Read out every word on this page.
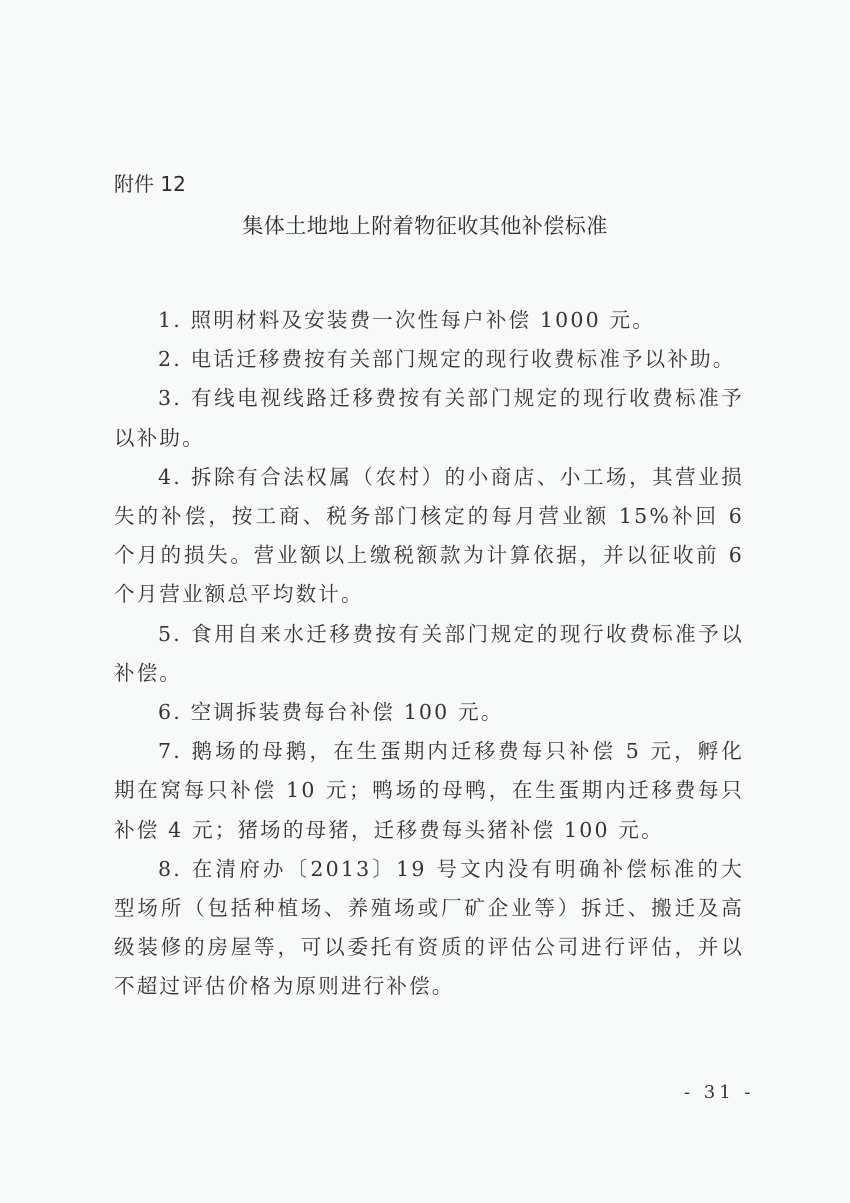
附件 12
集体土地地上附着物征收其他补偿标准

1. 照明材料及安装费一次性每户补偿 1000 元。

2. 电话迁移费按有关部门规定的现行收费标准予以补助。

3. 有线电视线路迁移费按有关部门规定的现行收费标准予以补助。

4. 拆除有合法权属（农村）的小商店、小工场，其营业损失的补偿，按工商、税务部门核定的每月营业额 15%补回 6 个月的损失。营业额以上缴税额款为计算依据，并以征收前 6 个月营业额总平均数计。

5. 食用自来水迁移费按有关部门规定的现行收费标准予以补偿。

6. 空调拆装费每台补偿 100 元。

7. 鹅场的母鹅，在生蛋期内迁移费每只补偿 5 元，孵化期在窝每只补偿 10 元；鸭场的母鸭，在生蛋期内迁移费每只补偿 4 元；猪场的母猪，迁移费每头猪补偿 100 元。

8. 在清府办〔2013〕19 号文内没有明确补偿标准的大型场所（包括种植场、养殖场或厂矿企业等）拆迁、搬迁及高级装修的房屋等，可以委托有资质的评估公司进行评估，并以不超过评估价格为原则进行补偿。

- 31 -
